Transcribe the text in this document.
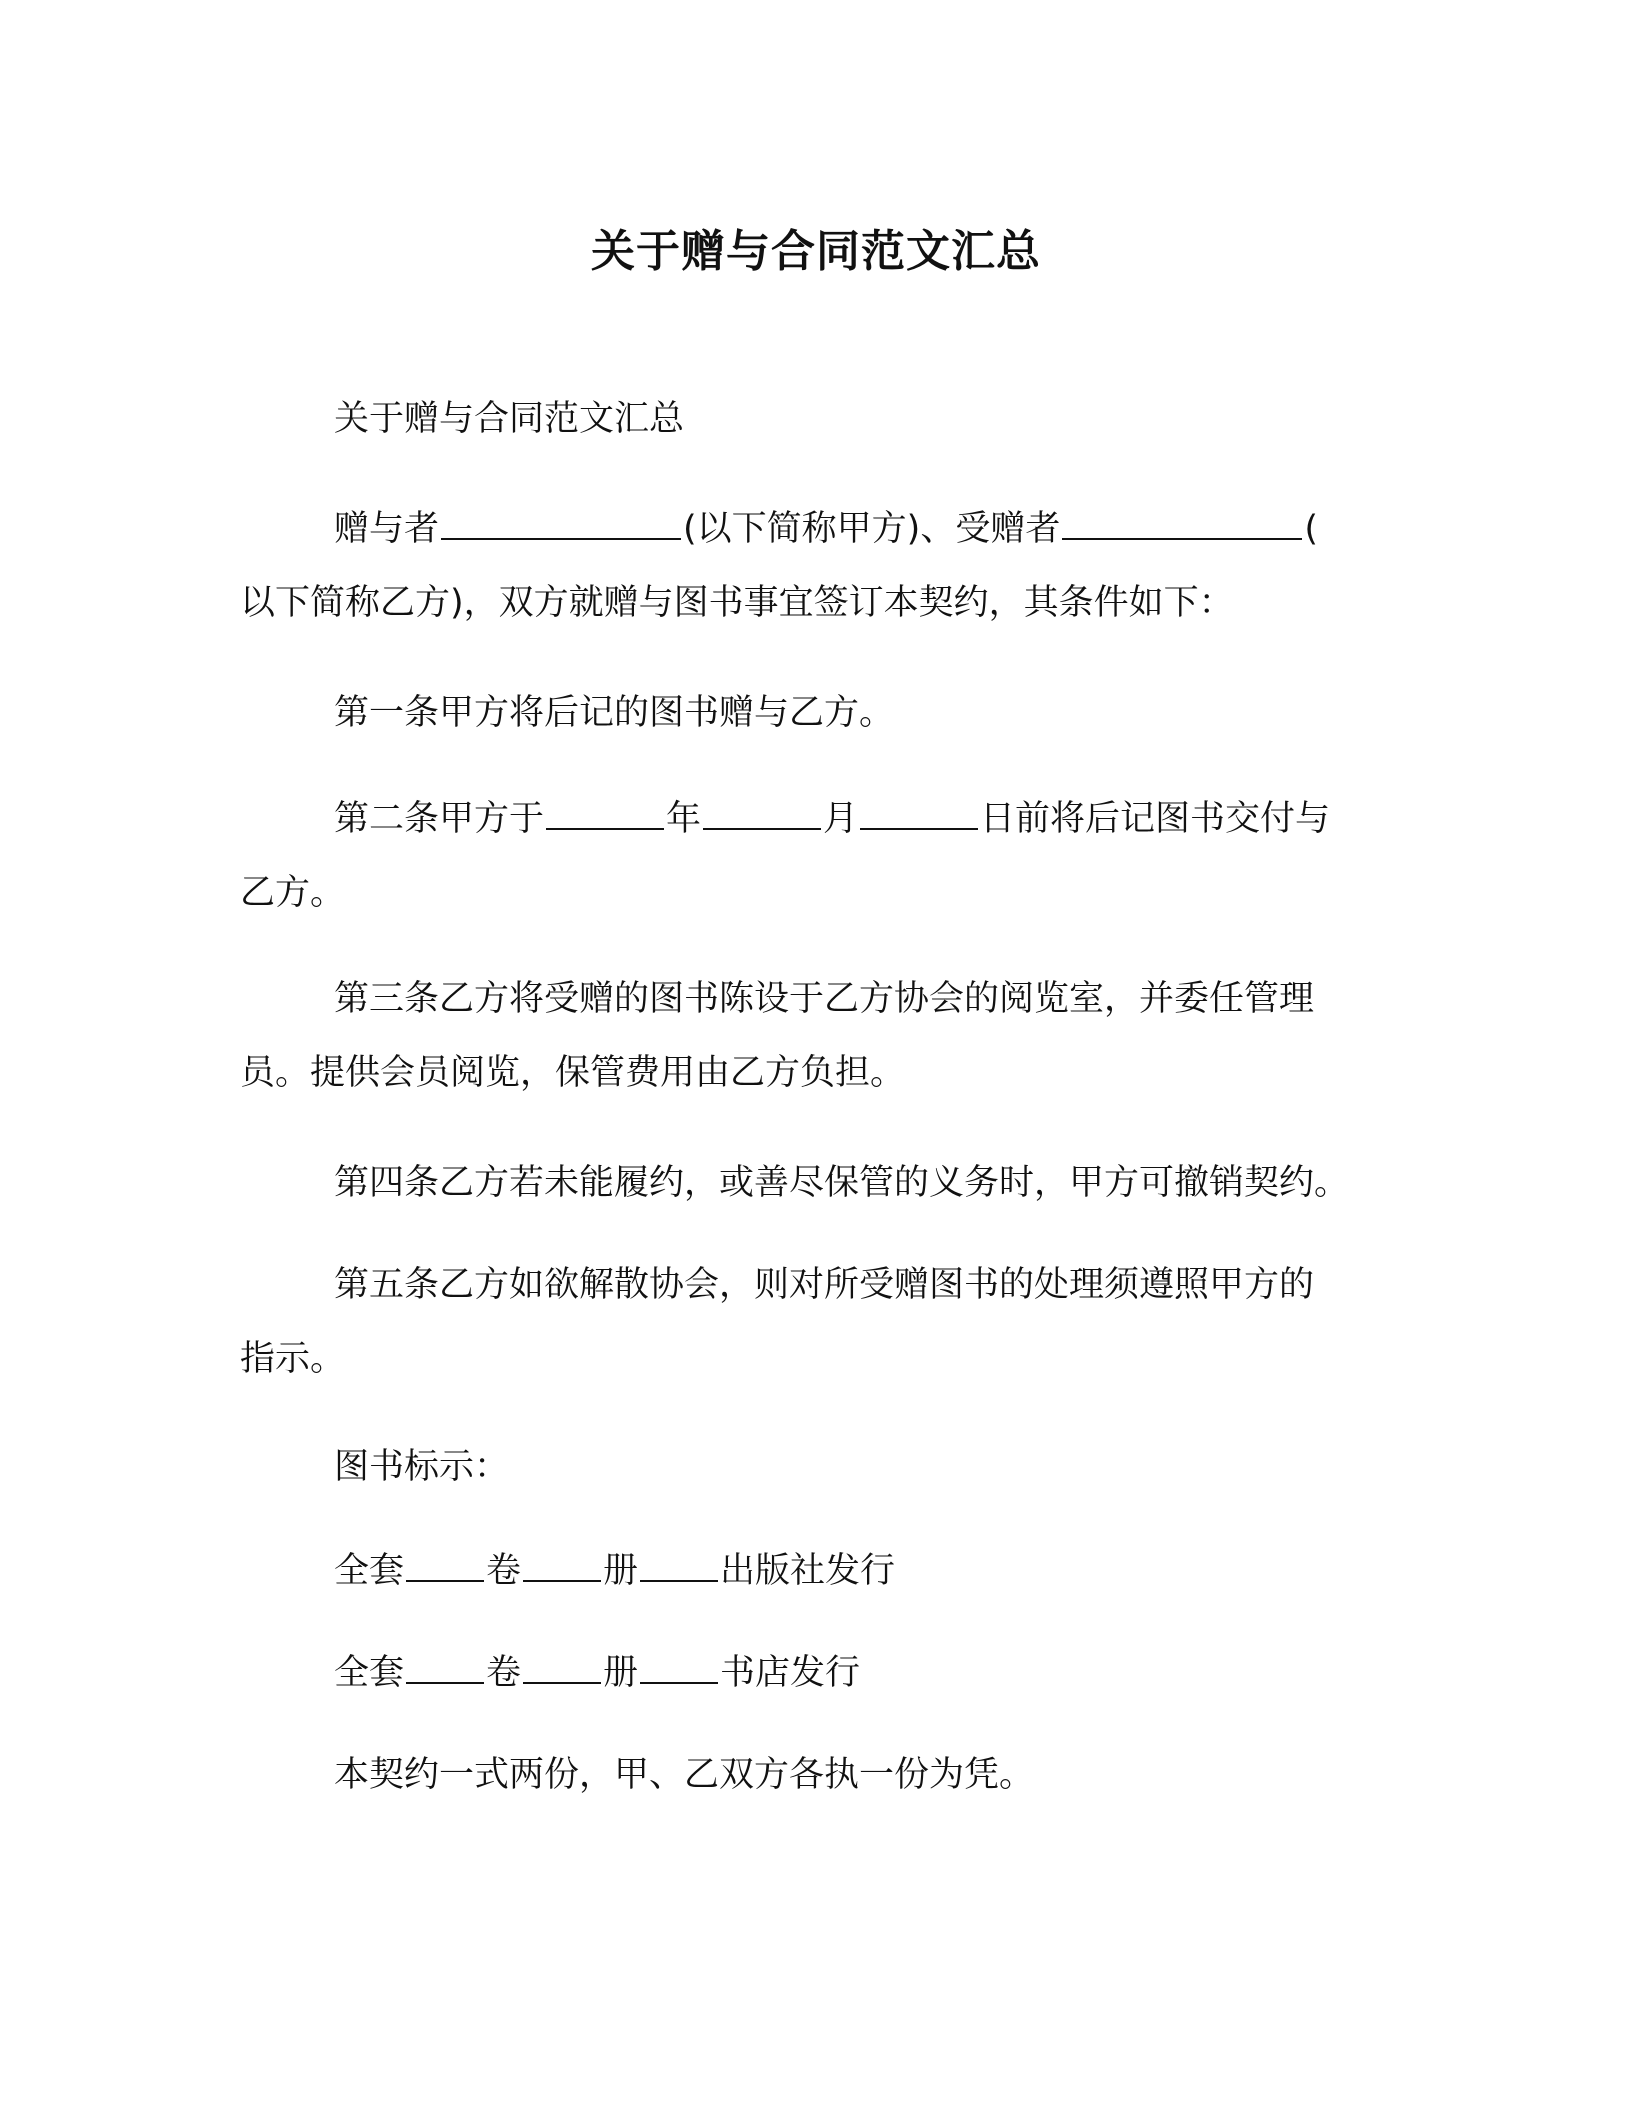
关于赠与合同范文汇总

关于赠与合同范文汇总

赠与者	(以下简称甲方)、受赠者	(
以下简称乙方)，双方就赠与图书事宜签订本契约，其条件如下：

第一条甲方将后记的图书赠与乙方。

第二条甲方于	年	月	日前将后记图书交付与
乙方。
第三条乙方将受赠的图书陈设于乙方协会的阅览室，并委任管理
员。提供会员阅览，保管费用由乙方负担。

第四条乙方若未能履约，或善尽保管的义务时，甲方可撤销契约。

第五条乙方如欲解散协会，则对所受赠图书的处理须遵照甲方的
指示。

图书标示：

全套 卷 册 出版社发行

全套 卷 册 书店发行

本契约一式两份，甲、乙双方各执一份为凭。
